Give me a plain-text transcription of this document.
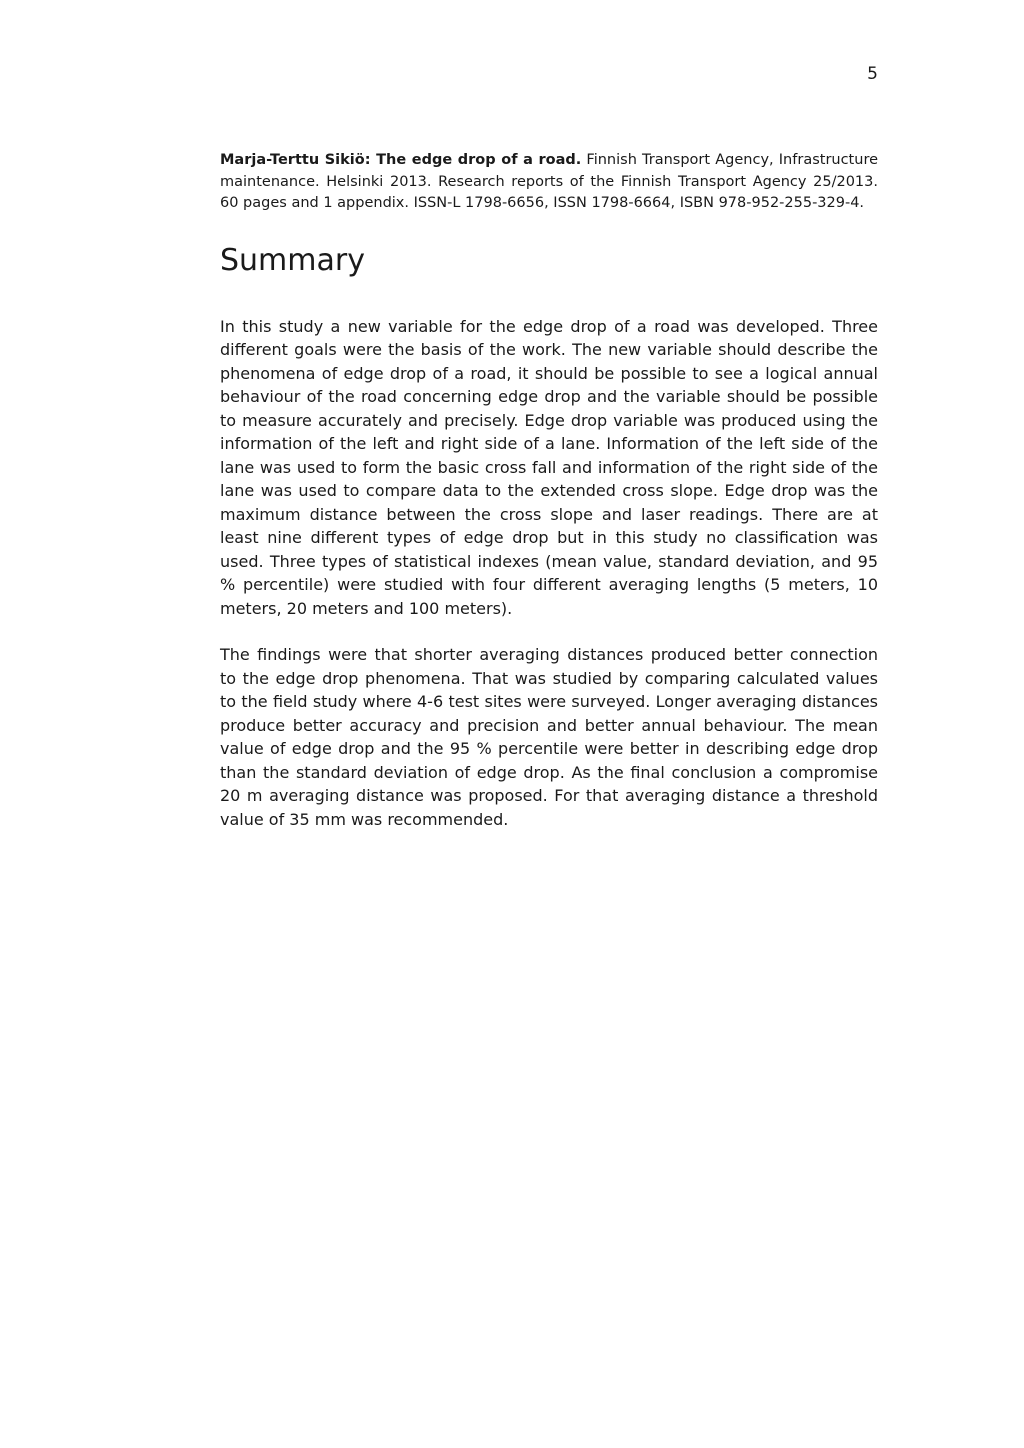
5

Marja-Terttu Sikiö: The edge drop of a road. Finnish Transport Agency, Infrastructure maintenance. Helsinki 2013. Research reports of the Finnish Transport Agency 25/2013. 60 pages and 1 appendix. ISSN-L 1798-6656, ISSN 1798-6664, ISBN 978-952-255-329-4.

Summary

In this study a new variable for the edge drop of a road was developed. Three different goals were the basis of the work. The new variable should describe the phenomena of edge drop of a road, it should be possible to see a logical annual behaviour of the road concerning edge drop and the variable should be possible to measure accurately and precisely. Edge drop variable was produced using the information of the left and right side of a lane. Information of the left side of the lane was used to form the basic cross fall and information of the right side of the lane was used to compare data to the extended cross slope. Edge drop was the maximum distance between the cross slope and laser readings. There are at least nine different types of edge drop but in this study no classification was used. Three types of statistical indexes (mean value, standard deviation, and 95 % percentile) were studied with four different averaging lengths (5 meters, 10 meters, 20 meters and 100 meters).

The findings were that shorter averaging distances produced better connection to the edge drop phenomena. That was studied by comparing calculated values to the field study where 4-6 test sites were surveyed. Longer averaging distances produce better accuracy and precision and better annual behaviour. The mean value of edge drop and the 95 % percentile were better in describing edge drop than the standard deviation of edge drop. As the final conclusion a compromise 20 m averaging distance was proposed. For that averaging distance a threshold value of 35 mm was recommended.
